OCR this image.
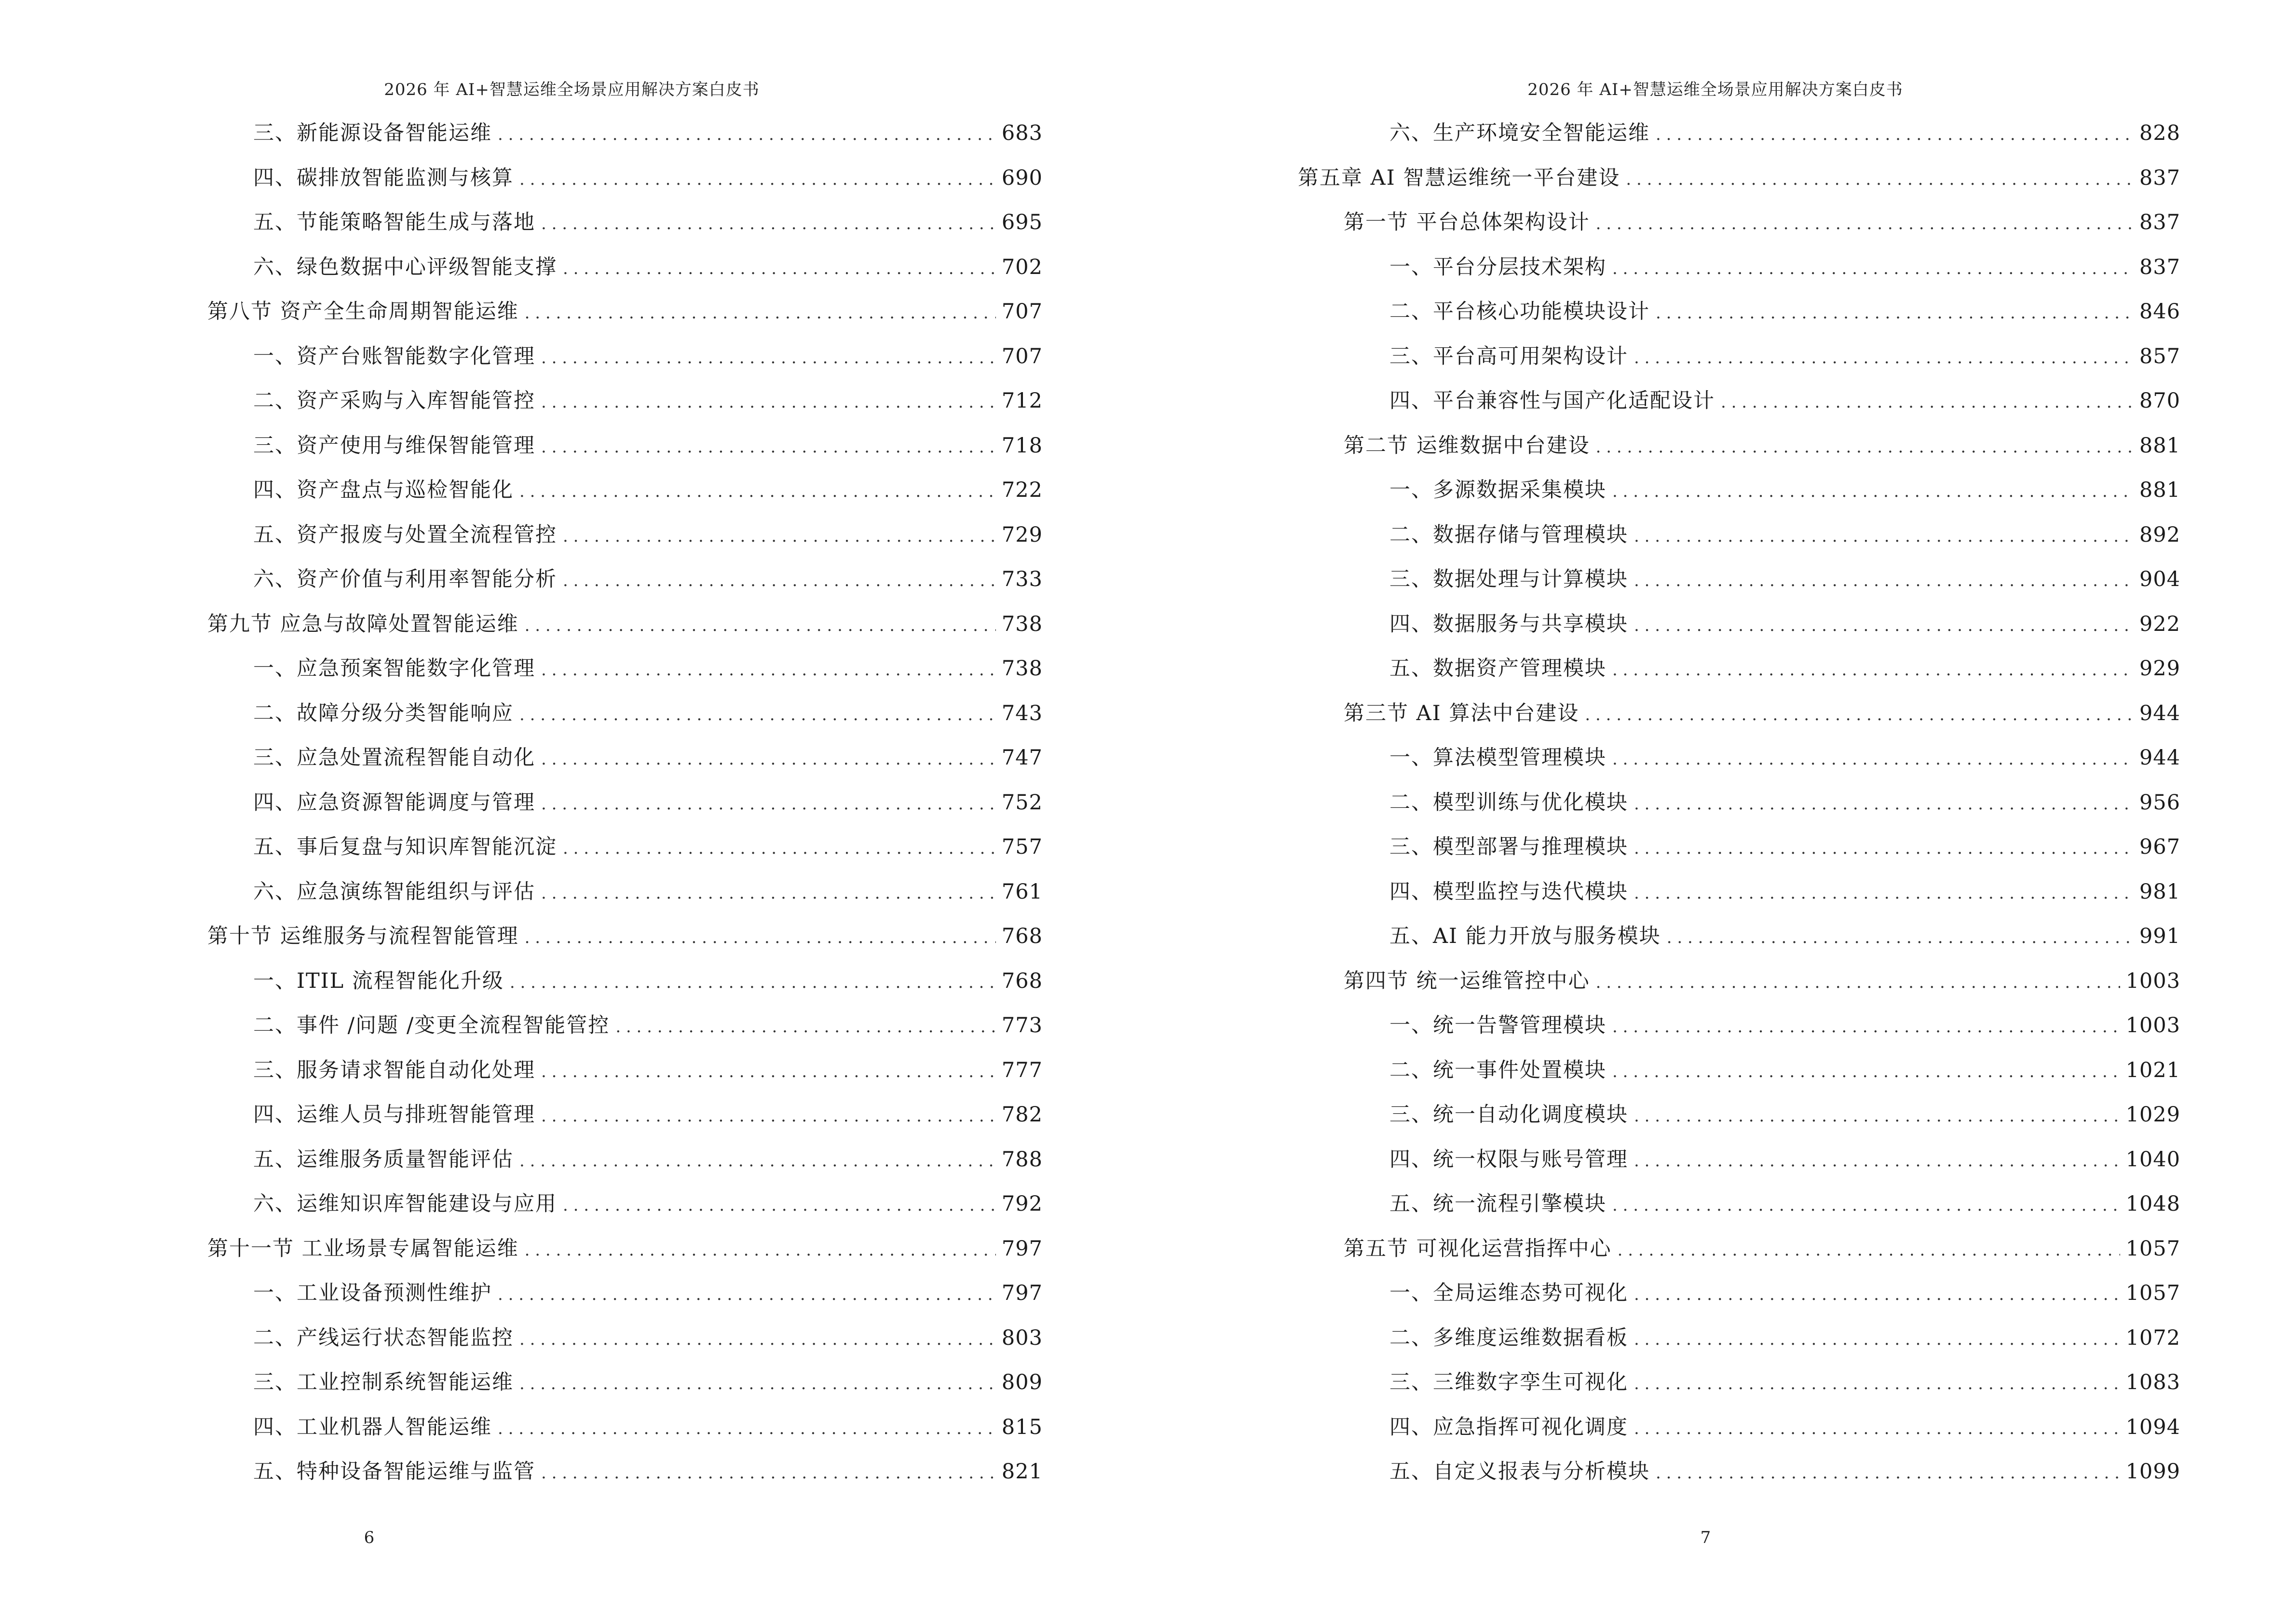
2026 年 AI+智慧运维全场景应用解决方案白皮书
三、新能源设备智能运维 . . .	683
四、碳排放智能监测与核算 . . .	690
五、节能策略智能生成与落地 . . .	695
六、绿色数据中心评级智能支撑 . . .	702
第八节 资产全生命周期智能运维 . . .	707
一、资产台账智能数字化管理 . . .	707
二、资产采购与入库智能管控 . . .	712
三、资产使用与维保智能管理 . . .	718
四、资产盘点与巡检智能化 . . .	722
五、资产报废与处置全流程管控 . . .	729
六、资产价值与利用率智能分析 . . .	733
第九节 应急与故障处置智能运维 . . .	738
一、应急预案智能数字化管理 . . .	738
二、故障分级分类智能响应 . . .	743
三、应急处置流程智能自动化 . . .	747
四、应急资源智能调度与管理 . . .	752
五、事后复盘与知识库智能沉淀 . . .	757
六、应急演练智能组织与评估 . . .	761
第十节 运维服务与流程智能管理 . . .	768
一、ITIL 流程智能化升级 . . .	768
二、事件 /问题 /变更全流程智能管控 . . .	773
三、服务请求智能自动化处理 . . .	777
四、运维人员与排班智能管理 . . .	782
五、运维服务质量智能评估 . . .	788
六、运维知识库智能建设与应用 . . .	792
第十一节 工业场景专属智能运维 . . .	797
一、工业设备预测性维护 . . .	797
二、产线运行状态智能监控 . . .	803
三、工业控制系统智能运维 . . .	809
四、工业机器人智能运维 . . .	815
五、特种设备智能运维与监管 . . .	821
6
2026 年 AI+智慧运维全场景应用解决方案白皮书
六、生产环境安全智能运维 . . .	828
第五章 AI 智慧运维统一平台建设 . . .	837
第一节 平台总体架构设计 . . .	837
一、平台分层技术架构 . . .	837
二、平台核心功能模块设计 . . .	846
三、平台高可用架构设计 . . .	857
四、平台兼容性与国产化适配设计 . . .	870
第二节 运维数据中台建设 . . .	881
一、多源数据采集模块 . . .	881
二、数据存储与管理模块 . . .	892
三、数据处理与计算模块 . . .	904
四、数据服务与共享模块 . . .	922
五、数据资产管理模块 . . .	929
第三节 AI 算法中台建设 . . .	944
一、算法模型管理模块 . . .	944
二、模型训练与优化模块 . . .	956
三、模型部署与推理模块 . . .	967
四、模型监控与迭代模块 . . .	981
五、AI 能力开放与服务模块 . . .	991
第四节 统一运维管控中心 . . .	1003
一、统一告警管理模块 . . .	1003
二、统一事件处置模块 . . .	1021
三、统一自动化调度模块 . . .	1029
四、统一权限与账号管理 . . .	1040
五、统一流程引擎模块 . . .	1048
第五节 可视化运营指挥中心 . . .	1057
一、全局运维态势可视化 . . .	1057
二、多维度运维数据看板 . . .	1072
三、三维数字孪生可视化 . . .	1083
四、应急指挥可视化调度 . . .	1094
五、自定义报表与分析模块 . . .	1099
7
